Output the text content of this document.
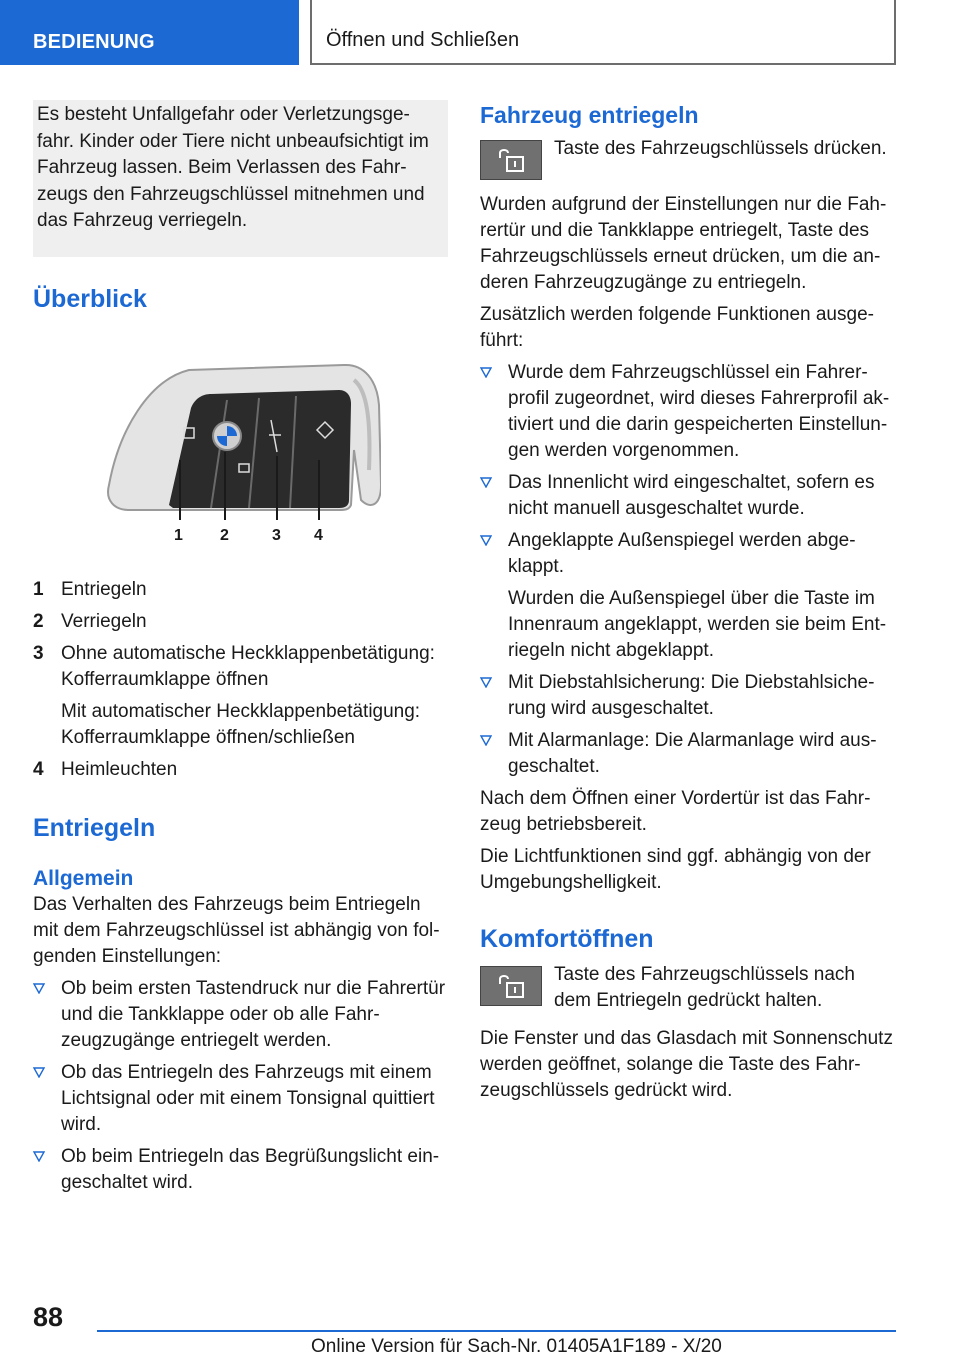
BEDIENUNG	Öffnen und Schließen

Es besteht Unfallgefahr oder Verletzungsgefahr. Kinder oder Tiere nicht unbeaufsichtigt im Fahrzeug lassen. Beim Verlassen des Fahrzeugs den Fahrzeugschlüssel mitnehmen und das Fahrzeug verriegeln.

Überblick
1 2	3 4
1 Entriegeln

2 Verriegeln

3 Ohne automatische Heckklappenbetätigung: Kofferraumklappe öffnen

Mit automatischer Heckklappenbetätigung: Kofferraumklappe öffnen/schließen

4 Heimleuchten

Entriegeln
Allgemein

Das Verhalten des Fahrzeugs beim Entriegeln mit dem Fahrzeugschlüssel ist abhängig von folgenden Einstellungen:

Ob beim ersten Tastendruck nur die Fahrertür und die Tankklappe oder ob alle Fahrzeugzugänge entriegelt werden.

Ob das Entriegeln des Fahrzeugs mit einem Lichtsignal oder mit einem Tonsignal quittiert wird.

Ob beim Entriegeln das Begrüßungslicht eingeschaltet wird.

Fahrzeug entriegeln

Taste des Fahrzeugschlüssels drücken.

Wurden aufgrund der Einstellungen nur die Fahrertür und die Tankklappe entriegelt, Taste des Fahrzeugschlüssels erneut drücken, um die anderen Fahrzeugzugänge zu entriegeln.

Zusätzlich werden folgende Funktionen ausgeführt:

Wurde dem Fahrzeugschlüssel ein Fahrerprofil zugeordnet, wird dieses Fahrerprofil aktiviert und die darin gespeicherten Einstellungen werden vorgenommen.

Das Innenlicht wird eingeschaltet, sofern es nicht manuell ausgeschaltet wurde.

Angeklappte Außenspiegel werden abgeklappt.

Wurden die Außenspiegel über die Taste im Innenraum angeklappt, werden sie beim Entriegeln nicht abgeklappt.

Mit Diebstahlsicherung: Die Diebstahlsicherung wird ausgeschaltet.

Mit Alarmanlage: Die Alarmanlage wird ausgeschaltet.

Nach dem Öffnen einer Vordertür ist das Fahrzeug betriebsbereit.

Die Lichtfunktionen sind ggf. abhängig von der Umgebungshelligkeit.

Komfortöffnen

Taste des Fahrzeugschlüssels nach dem Entriegeln gedrückt halten.

Die Fenster und das Glasdach mit Sonnenschutz werden geöffnet, solange die Taste des Fahrzeugschlüssels gedrückt wird.

88
Online Version für Sach-Nr. 01405A1F189 - X/20
